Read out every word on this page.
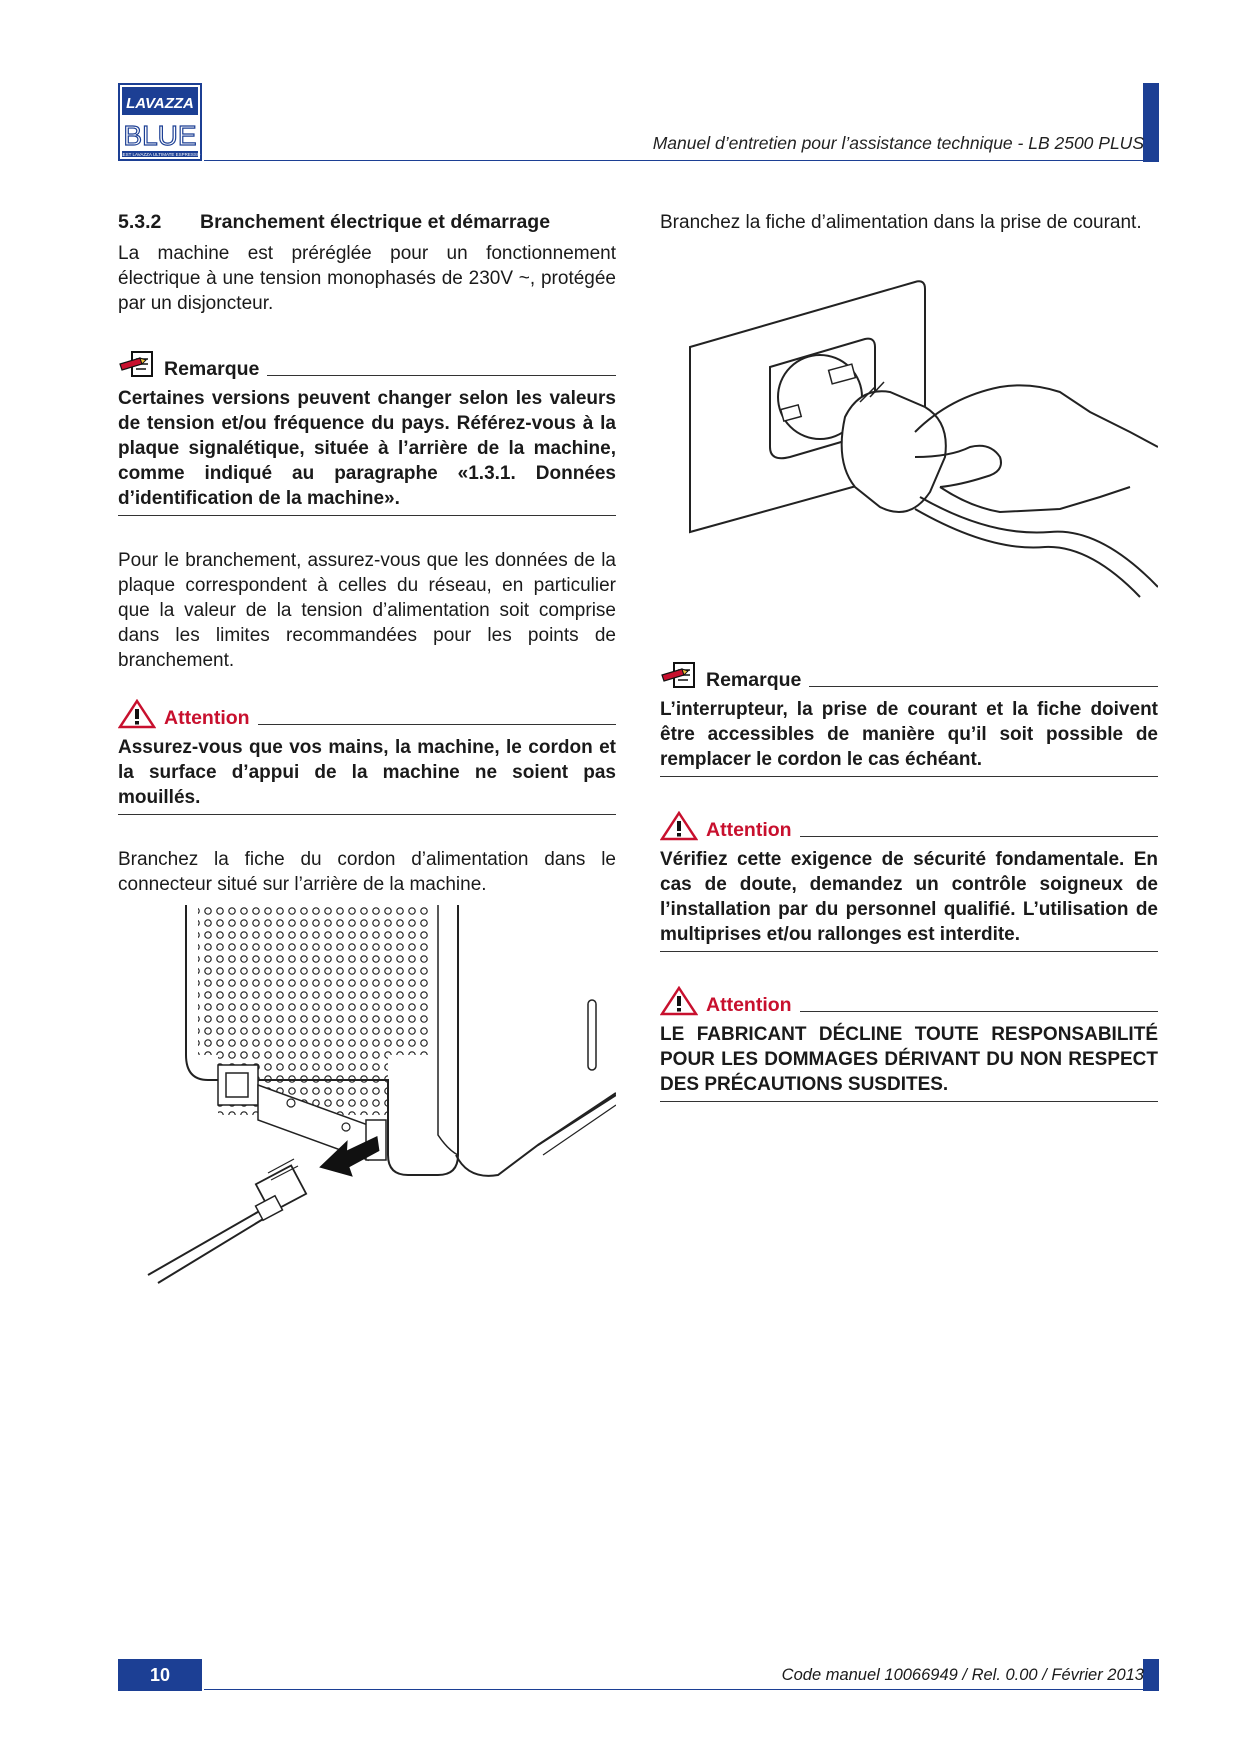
LAVAZZA
BLUE
BEST LAVAZZA ULTIMATE ESPRESSO
Manuel d’entretien pour l’assistance technique - LB 2500 PLUS
5.3.2	Branchement électrique et démarrage

La machine est préréglée pour un fonctionnement électrique à une tension monophasés de 230V ~, protégée par un disjoncteur.

Remarque

Certaines versions peuvent changer selon les valeurs de tension et/ou fréquence du pays. Référez-vous à la plaque signalétique, située à l’arrière de la machine, comme indiqué au paragraphe «1.3.1. Données d’identification de la machine».

Pour le branchement, assurez-vous que les données de la plaque correspondent à celles du réseau, en particulier que la valeur de la tension d’alimentation soit comprise dans les limites recommandées pour les points de branchement.

Attention

Assurez-vous que vos mains, la machine, le cordon et la surface d’appui de la machine ne soient pas mouillés.

Branchez la fiche du cordon d’alimentation dans le connecteur situé sur l’arrière de la machine.

Branchez la fiche d’alimentation dans la prise de courant.

Remarque

L’interrupteur, la prise de courant et la fiche doivent être accessibles de manière qu’il soit possible de remplacer le cordon le cas échéant.

Attention

Vérifiez cette exigence de sécurité fondamentale. En cas de doute, demandez un contrôle soigneux de l’installation par du personnel qualifié. L’utilisation de multiprises et/ou rallonges est interdite.

Attention

LE FABRICANT DÉCLINE TOUTE RESPONSABILITÉ POUR LES DOMMAGES DÉRIVANT DU NON RESPECT DES PRÉCAUTIONS SUSDITES.

10	Code manuel 10066949 / Rel. 0.00 / Février 2013
